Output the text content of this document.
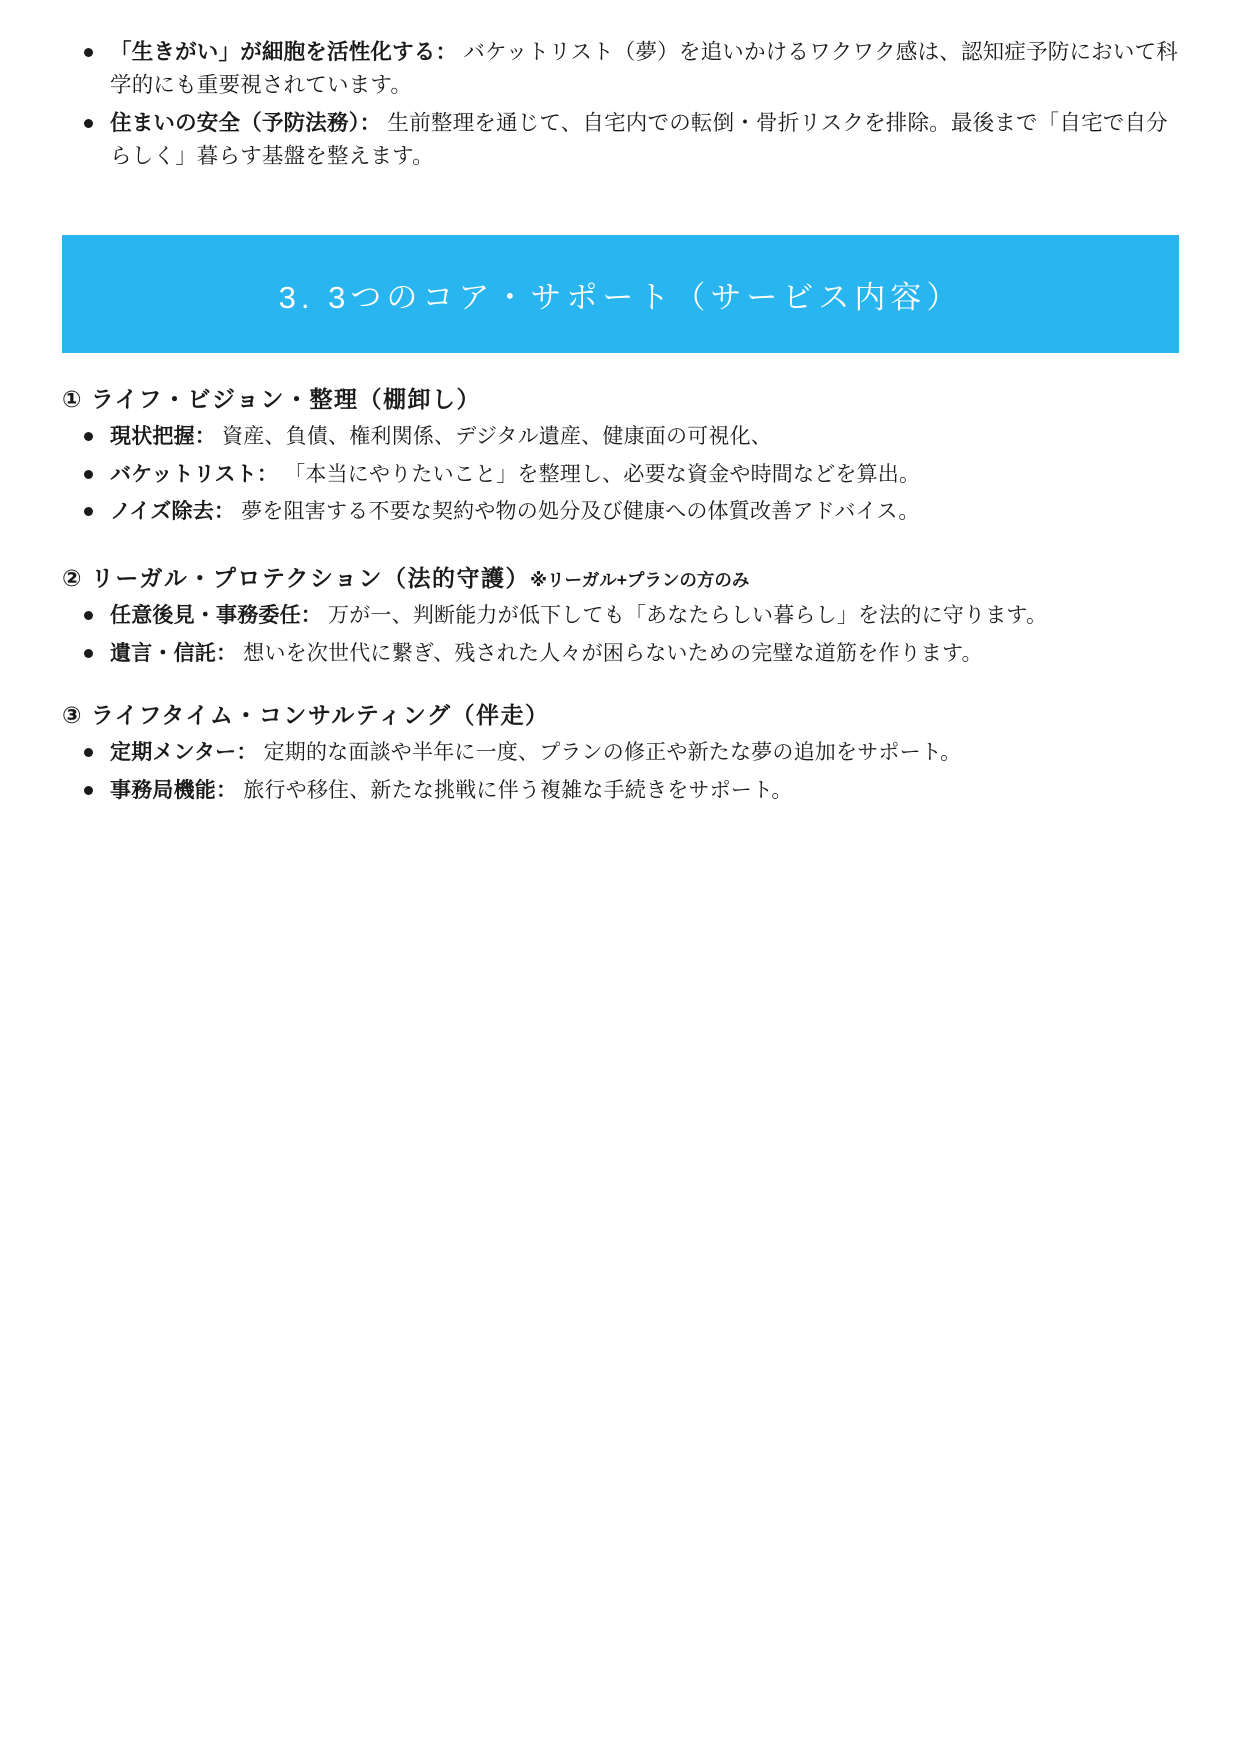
「生きがい」が細胞を活性化する： バケットリスト（夢）を追いかけるワクワク感は、認知症予防において科学的にも重要視されています。
住まいの安全（予防法務）： 生前整理を通じて、自宅内での転倒・骨折リスクを排除。最後まで「自宅で自分らしく」暮らす基盤を整えます。
3. 3つのコア・サポート（サービス内容）
① ライフ・ビジョン・整理（棚卸し）
現状把握： 資産、負債、権利関係、デジタル遺産、健康面の可視化、
バケットリスト： 「本当にやりたいこと」を整理し、必要な資金や時間などを算出。
ノイズ除去： 夢を阻害する不要な契約や物の処分及び健康への体質改善アドバイス。
② リーガル・プロテクション（法的守護）※リーガル+プランの方のみ
任意後見・事務委任： 万が一、判断能力が低下しても「あなたらしい暮らし」を法的に守ります。
遺言・信託： 想いを次世代に繋ぎ、残された人々が困らないための完璧な道筋を作ります。
③ ライフタイム・コンサルティング（伴走）
定期メンター： 定期的な面談や半年に一度、プランの修正や新たな夢の追加をサポート。
事務局機能： 旅行や移住、新たな挑戦に伴う複雑な手続きをサポート。
